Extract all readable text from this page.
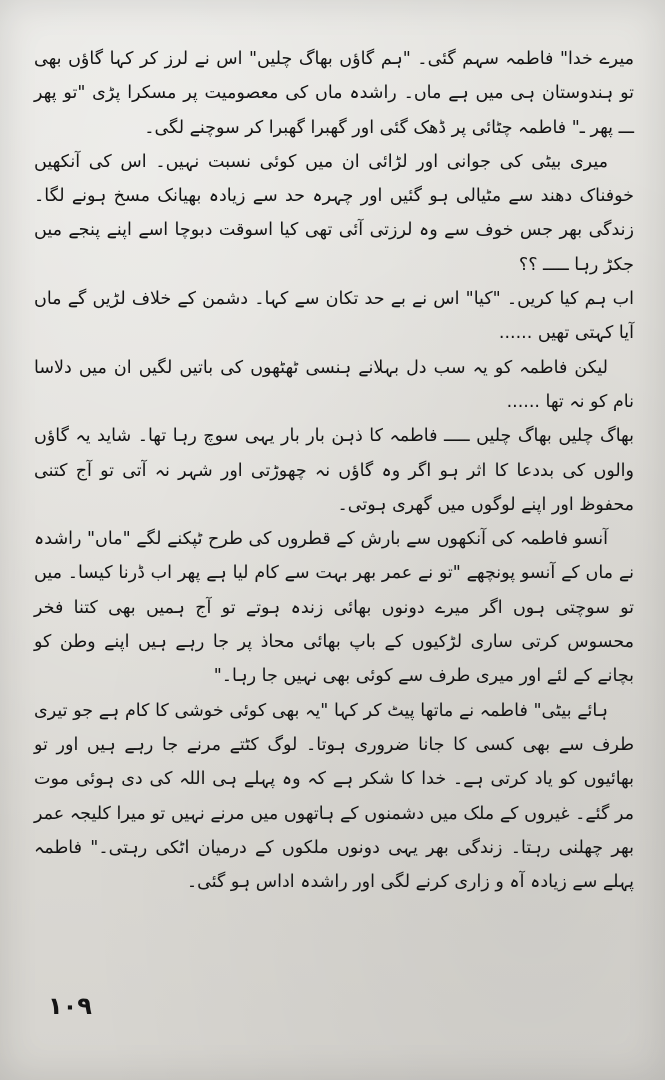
میرے خدا" فاطمہ سہم گئی۔ "ہم گاؤں بھاگ چلیں" اس نے لرز کر کہا گاؤں بھی تو ہندوستان ہی میں ہے ماں۔ راشدہ ماں کی معصومیت پر مسکرا پڑی "تو پھر ـــ پھر ـ" فاطمہ چٹائی پر ڈھک گئی اور گھبرا گھبرا کر سوچنے لگی۔

میری بیٹی کی جوانی اور لڑائی ان میں کوئی نسبت نہیں۔ اس کی آنکھیں خوفناک دھند سے مٹیالی ہو گئیں اور چہرہ حد سے زیادہ بھیانک مسخ ہونے لگا۔ زندگی بھر جس خوف سے وہ لرزتی آئی تھی کیا اسوقت دبوچا اسے اپنے پنجے میں جکڑ رہا ـــــ ؟؟

اب ہم کیا کریں۔ "کیا" اس نے بے حد تکان سے کہا۔ دشمن کے خلاف لڑیں گے ماں آیا کہتی تھیں ......

لیکن فاطمہ کو یہ سب دل بہلانے ہنسی ٹھٹھوں کی باتیں لگیں ان میں دلاسا نام کو نہ تھا ......

بھاگ چلیں بھاگ چلیں ـــــ فاطمہ کا ذہن بار بار یہی سوچ رہا تھا۔ شاید یہ گاؤں والوں کی بددعا کا اثر ہو اگر وہ گاؤں نہ چھوڑتی اور شہر نہ آتی تو آج کتنی محفوظ اور اپنے لوگوں میں گھری ہوتی۔

آنسو فاطمہ کی آنکھوں سے بارش کے قطروں کی طرح ٹپکنے لگے "ماں" راشدہ نے ماں کے آنسو پونچھے "تو نے عمر بھر بہت سے کام لیا ہے پھر اب ڈرنا کیسا۔ میں تو سوچتی ہوں اگر میرے دونوں بھائی زندہ ہوتے تو آج ہمیں بھی کتنا فخر محسوس کرتی ساری لڑکیوں کے باپ بھائی محاذ پر جا رہے ہیں اپنے وطن کو بچانے کے لئے اور میری طرف سے کوئی بھی نہیں جا رہا۔"

ہائے بیٹی" فاطمہ نے ماتھا پیٹ کر کہا "یہ بھی کوئی خوشی کا کام ہے جو تیری طرف سے بھی کسی کا جانا ضروری ہوتا۔ لوگ کٹتے مرنے جا رہے ہیں اور تو بھائیوں کو یاد کرتی ہے۔ خدا کا شکر ہے کہ وہ پہلے ہی اللہ کی دی ہوئی موت مر گئے۔ غیروں کے ملک میں دشمنوں کے ہاتھوں میں مرنے نہیں تو میرا کلیجہ عمر بھر چھلنی رہتا۔ زندگی بھر یہی دونوں ملکوں کے درمیان اٹکی رہتی۔" فاطمہ پہلے سے زیادہ آہ و زاری کرنے لگی اور راشدہ اداس ہو گئی۔

١٠٩
